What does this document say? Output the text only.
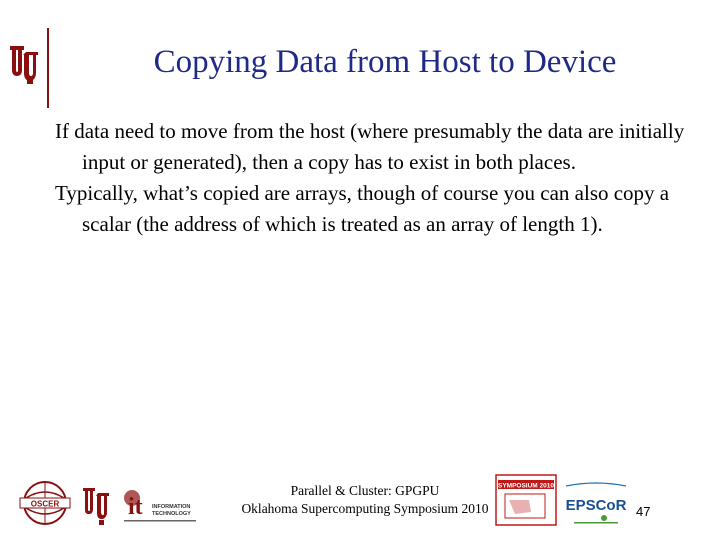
Copying Data from Host to Device

If data need to move from the host (where presumably the data are initially input or generated), then a copy has to exist in both places.

Typically, what’s copied are arrays, though of course you can also copy a scalar (the address of which is treated as an array of length 1).

OSCER	it INFORMATION
TECHNOLOGY
Parallel & Cluster: GPGPU
Oklahoma Supercomputing Symposium 2010
SYMPOSIUM 2010
EPSCoR 47
